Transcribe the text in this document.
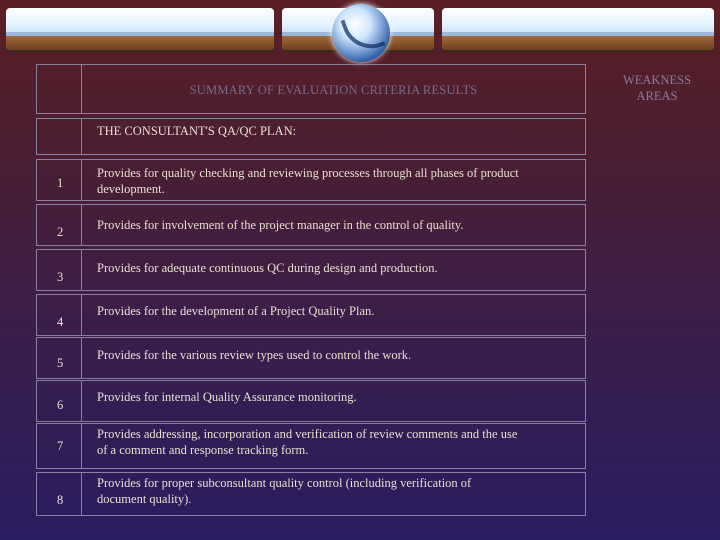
WEAKNESS
AREAS
SUMMARY OF EVALUATION CRITERIA RESULTS
THE CONSULTANT'S QA/QC PLAN:
1
Provides for quality checking and reviewing processes through all phases of product
development.
2	Provides for involvement of the project manager in the control of quality.
3
Provides for adequate continuous QC during design and production.
4
Provides for the development of a Project Quality Plan.
5
Provides for the various review types used to control the work.
6
Provides for internal Quality Assurance monitoring.
7
Provides addressing, incorporation and verification of review comments and the use
of a comment and response tracking form.
8
Provides for proper subconsultant quality control (including verification of
document quality).
